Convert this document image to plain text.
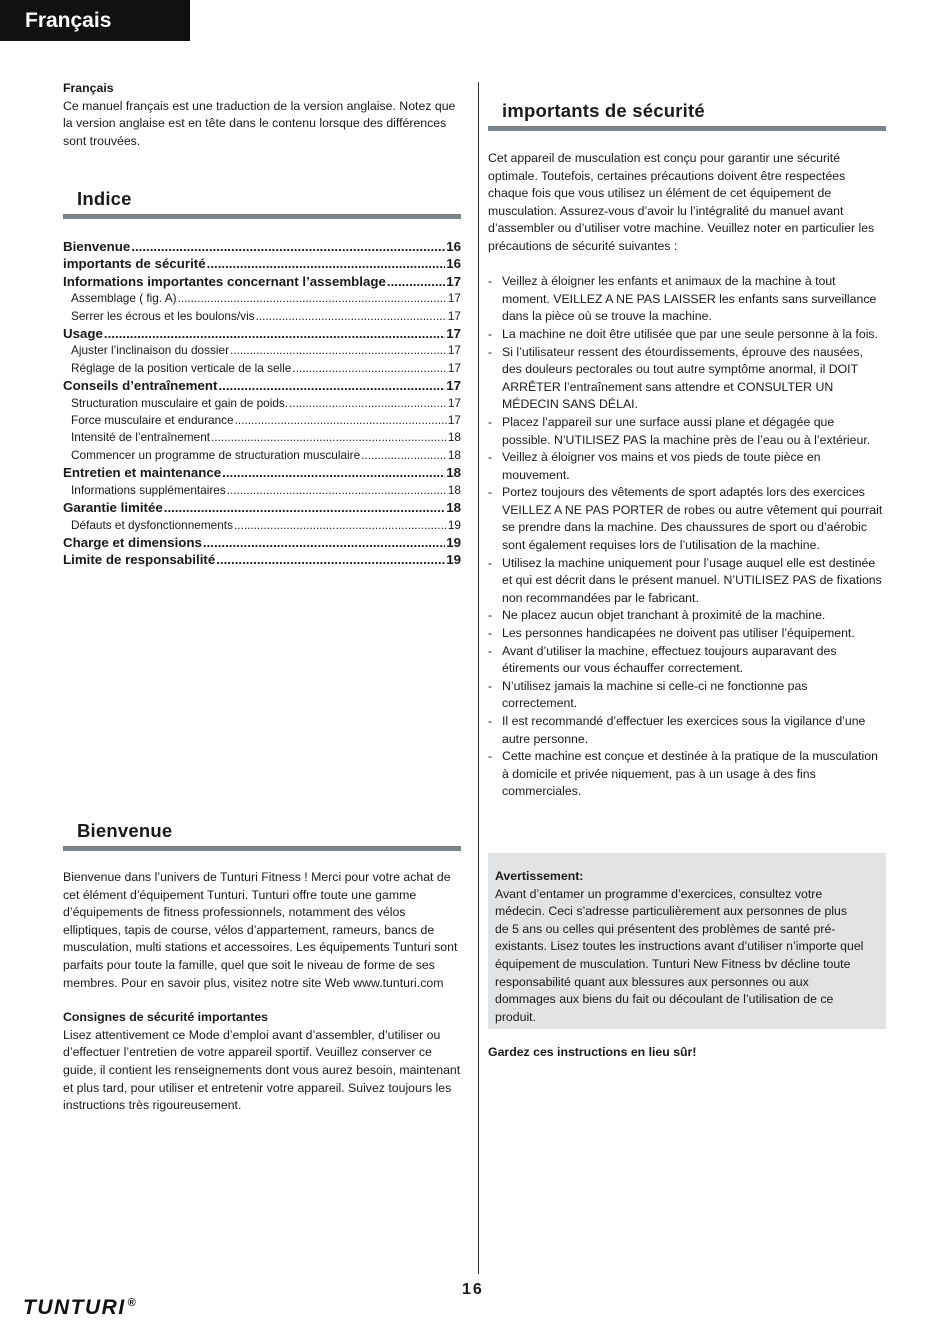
Français

Français

Ce manuel français est une traduction de la version anglaise. Notez que la version anglaise est en tête dans le contenu lorsque des différences sont trouvées.

Indice
Bienvenue .....	16
importants de sécurité .....	16
Informations importantes concernant l’assemblage .....	17
Assemblage ( fig. A) .....	17
Serrer les écrous et les boulons/vis .....	17
Usage .....	17
Ajuster l’inclinaison du dossier .....	17
Réglage de la position verticale de la selle .....	17
Conseils d’entraînement .....	17
Structuration musculaire et gain de poids. .....	17
Force musculaire et endurance .....	17
Intensité de l’entraînement .....	18
Commencer un programme de structuration musculaire .....	18
Entretien et maintenance .....	18
Informations supplémentaires .....	18
Garantie limitée .....	18
Défauts et dysfonctionnements .....	19
Charge et dimensions .....	19
Limite de responsabilité .....	19
Bienvenue

Bienvenue dans l’univers de Tunturi Fitness ! Merci pour votre achat de cet élément d’équipement Tunturi. Tunturi offre toute une gamme d’équipements de fitness professionnels, notamment des vélos elliptiques, tapis de course, vélos d’appartement, rameurs, bancs de musculation, multi stations et accessoires. Les équipements Tunturi sont parfaits pour toute la famille, quel que soit le niveau de forme de ses membres. Pour en savoir plus, visitez notre site Web www.tunturi.com

Consignes de sécurité importantes

Lisez attentivement ce Mode d’emploi avant d’assembler, d’utiliser ou d’effectuer l’entretien de votre appareil sportif. Veuillez conserver ce guide, il contient les renseignements dont vous aurez besoin, maintenant et plus tard, pour utiliser et entretenir votre appareil. Suivez toujours les instructions très rigoureusement.

importants de sécurité

Cet appareil de musculation est conçu pour garantir une sécurité optimale. Toutefois, certaines précautions doivent être respectées chaque fois que vous utilisez un élément de cet équipement de musculation. Assurez-vous d’avoir lu l’intégralité du manuel avant d’assembler ou d’utiliser votre machine. Veuillez noter en particulier les précautions de sécurité suivantes :

- Veillez à éloigner les enfants et animaux de la machine à tout moment. VEILLEZ A NE PAS LAISSER les enfants sans surveillance dans la pièce où se trouve la machine.
- La machine ne doit être utilisée que par une seule personne à la fois.
- Si l’utilisateur ressent des étourdissements, éprouve des nausées, des douleurs pectorales ou tout autre symptôme anormal, il DOIT ARRÊTER l’entraînement sans attendre et CONSULTER UN MÉDECIN SANS DÉLAI.
- Placez l’appareil sur une surface aussi plane et dégagée que possible. N’UTILISEZ PAS la machine près de l’eau ou à l’extérieur.
- Veillez à éloigner vos mains et vos pieds de toute pièce en mouvement.
- Portez toujours des vêtements de sport adaptés lors des exercices VEILLEZ A NE PAS PORTER de robes ou autre vêtement qui pourrait se prendre dans la machine. Des chaussures de sport ou d’aérobic sont également requises lors de l’utilisation de la machine.
- Utilisez la machine uniquement pour l’usage auquel elle est destinée et qui est décrit dans le présent manuel. N’UTILISEZ PAS de fixations non recommandées par le fabricant.
- Ne placez aucun objet tranchant à proximité de la machine.
- Les personnes handicapées ne doivent pas utiliser l’équipement.
- Avant d’utiliser la machine, effectuez toujours auparavant des étirements our vous échauffer correctement.
- N’utilisez jamais la machine si celle-ci ne fonctionne pas correctement.
- Il est recommandé d’effectuer les exercices sous la vigilance d’une autre personne.
- Cette machine est conçue et destinée à la pratique de la musculation à domicile et privée niquement, pas à un usage à des fins commerciales.

Avertissement:

Avant d’entamer un programme d’exercices, consultez votre médecin. Ceci s’adresse particulièrement aux personnes de plus de 5 ans ou celles qui présentent des problèmes de santé pré-existants. Lisez toutes les instructions avant d’utiliser n’importe quel équipement de musculation. Tunturi New Fitness bv décline toute responsabilité quant aux blessures aux personnes ou aux dommages aux biens du fait ou découlant de l’utilisation de ce produit.

Gardez ces instructions en lieu sûr!
16
TUNTURI ®
